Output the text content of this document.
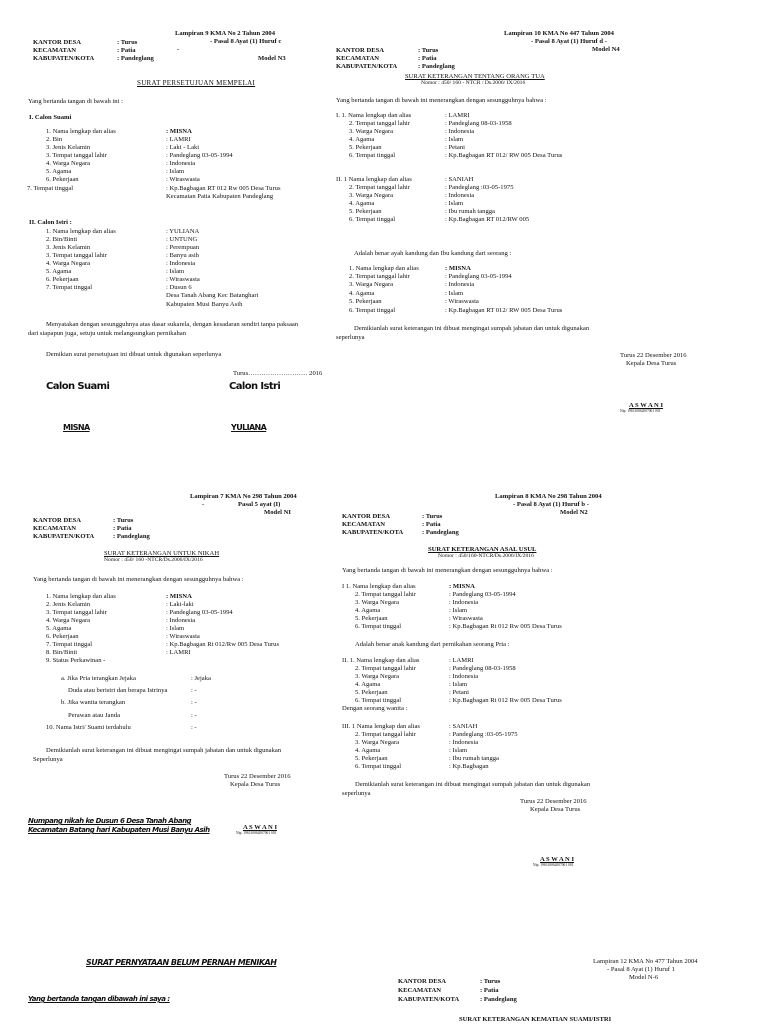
Lampiran 9 KMA No 2 Tahun 2004
- Pasal 8 Ayat (1) Huruf c
-
Model N3
KANTOR DESA	: Turus
KECAMATAN	: Patia
KABUPATEN/KOTA	: Pandeglang
SURAT PERSETUJUAN MEMPELAI
Yang bertanda tangan di bawah ini :
I. Calon Suami
1. Nama lengkap dan alias	: MISNA
2. Bin	: LAMRI
3. Jenis Kelamin	: Laki - Laki
3. Tempat tanggal lahir	: Pandeglang 03-05-1994
4. Warga Negara	: Indonesia
5. Agama	: Islam
6. Pekerjaan	: Wiraswasta
7. Tempat tinggal	: Kp.Bagbagan RT 012 Rw 005 Desa Turus
Kecamatan Patia Kabupaten Pandeglang
II. Calon Istri :
1. Nama lengkap dan alias	: YULIANA
2. Bin/Binti	: UNTUNG
3. Jenis Kelamin	: Perempuan
3. Tempat tanggal lahir	: Banyu asih
4. Warga Negara	: Indonesia
5. Agama	: Islam
6. Pekerjaan	: Wiraswasta
7. Tempat tinggal	: Dusun 6
Desa Tanah Abang Kec Batanghari
Kabupaten Musi Banyu Asih
Menyatakan dengan sesungguhnya atas dasar sukarela, dengan kesadaran sendiri tanpa paksaan
dari siapapun juga, setuju untuk melangsungkan pernikahan
Demikian surat persetujuan ini dibuat untuk digunakan seperlunya
Turus……………………… 2016
Calon Suami	Calon Istri
MISNA	YULIANA
Lampiran 10 KMA No 447 Tahun 2004
- Pasal 8 Ayat (1) Huruf d -
Model N4
KANTOR DESA	: Turus
KECAMATAN	: Patia
KABUPATEN/KOTA	: Pandeglang
SURAT KETERANGAN TENTANG ORANG TUA
Nomor : 450/ 160 - NTCR / Ds.2006/ IX/2016
Yang bertanda tangan di bawah ini menerangkan dengan sesungguhnya bahwa :
I. 1. Nama lengkap dan alias	: LAMRI
2. Tempat tanggal lahir	: Pandeglang 08-03-1958
3. Warga Negara	: Indonesia
4. Agama	: Islam
5. Pekerjaan	: Petani
6. Tempat tinggal	: Kp.Bagbagan RT 012/ RW 005 Desa Turus
II. 1 Nama lengkap dan alias	: SANIAH
2. Tempat tanggal lahir	: Pandeglang :03-05-1975
3. Warga Negara	: Indonesia
4. Agama	: Islam
5. Pekerjaan	: Ibu rumah tangga
6. Tempat tinggal	: Kp.Bagbagan RT 012/RW 005
Adalah benar ayah kandung dan Ibu kandung dari seorang :
1. Nama lengkap dan alias	: MISNA
2. Tempat tanggal lahir	: Pandeglang 03-05-1994
3. Warga Negara	: Indonesia
4. Agama	: Islam
5. Pekerjaan	: Wiraswasta
6. Tempat tinggal	: Kp.Bagbagan RT 012/ RW 005 Desa Turus
Demikianlah surat keterangan ini dibuat mengingat sumpah jabatan dan untuk digunakan
seperlunya
Turus 22 Desember 2016
Kepala Desa Turus
A S W A N I
Nip. 196310062007061 001
Lampiran 7 KMA No 298 Tahun 2004
-	Pasal 5 ayat (I)
Model NI
KANTOR DESA	: Turus
KECAMATAN	: Patia
KABUPATEN/KOTA	: Pandeglang
SURAT KETERANGAN UNTUK NIKAH
Nomor : 450/ 160 -NTCR/Ds.2006/IX/2016
Yang bertanda tangan di bawah ini menerangkan dengan sesungguhnya bahwa :
1. Nama lengkap dan alias	: MISNA
2. Jenis Kelamin	: Laki-laki
3. Tempat tanggal lahir	: Pandeglang 03-05-1994
4. Warga Negara	: Indonesia
5. Agama	: Islam
6. Pekerjaan	: Wiraswasta
7. Tempat tinggal	: Kp.Bagbagan Rt 012/Rw 005 Desa Turus
8. Bin/Binti	: LAMRI
9. Status Perkawinan -
a. Jika Pria terangkan Jejaka	: Jejaka
Duda atau beristri dan berapa Istrinya	: -
b. Jika wanita terangkan	: -
Perawan atau Janda	: -
10. Nama Istri/ Suami terdahulu	: -
Demikianlah surat keterangan ini dibuat mengingat sumpah jabatan dan untuk digunakan
Seperlunya
Turus 22 Desember 2016
Kepala Desa Turus
Numpang nikah ke Dusun 6 Desa Tanah Abang
Kecamatan Batang hari Kabupaten Musi Banyu Asih	A S W A N I
Nip. 196310062007061 001
Lampiran 8 KMA No 298 Tahun 2004
- Pasal 8 Ayat (1) Huruf b -
Model N2
KANTOR DESA	: Turus
KECAMATAN	: Patia
KABUPATEN/KOTA	: Pandeglang
SURAT KETERANGAN ASAL USUL
Nomor : 450/160-NTCR/Ds.2006/IX/2016
Yang bertanda tangan di bawah ini menerangkan dengan sesungguhnya bahwa :
I 1. Nama lengkap dan alias	: MISNA
2. Tempat tanggal lahir	: Pandeglang 03-05-1994
3. Warga Negara	: Indonesia
4. Agama	: Islam
5. Pekerjaan	: Wiraswasta
6. Tempat tinggal	: Kp.Bagbagan Rt 012 Rw 005 Desa Turus
Adalah benar anak kandung dari pernikahan seorang Pria :
II. 1. Nama lengkap dan alias	: LAMRI
2. Tempat tanggal lahir	: Pandeglang 08-03-1958
3. Warga Negara	: Indonesia
4. Agama	: Islam
5. Pekerjaan	: Petani
6. Tempat tinggal	: Kp.Bagbagan Rt 012 Rw 005 Desa Turus
Dengan seorang wanita :
III. 1 Nama lengkap dan alias	: SANIAH
2. Tempat tanggal lahir	: Pandeglang :03-05-1975
3. Warga Negara	: Indonesia
4. Agama	: Islam
5. Pekerjaan	: Ibu rumah tangga
6. Tempat tinggal	: Kp.Bagbagan
Demikianlah surat keterangan ini dibuat mengingat sumpah jabatan dan untuk digunakan
seperlunya
Turus 22 Desember 2016
Kepala Desa Turus
A S W A N I
Nip. 196310062007061 001
SURAT PERNYATAAN BELUM PERNAH MENIKAH
Yang bertanda tangan dibawah ini saya :
Lampiran 12 KMA No 477 Tahun 2004
- Pasal 8 Ayat (1) Huruf 1
Model N-6
KANTOR DESA	: Turus
KECAMATAN	: Patia
KABUPATEN/KOTA	: Pandeglang
SURAT KETERANGAN KEMATIAN SUAMI/ISTRI
